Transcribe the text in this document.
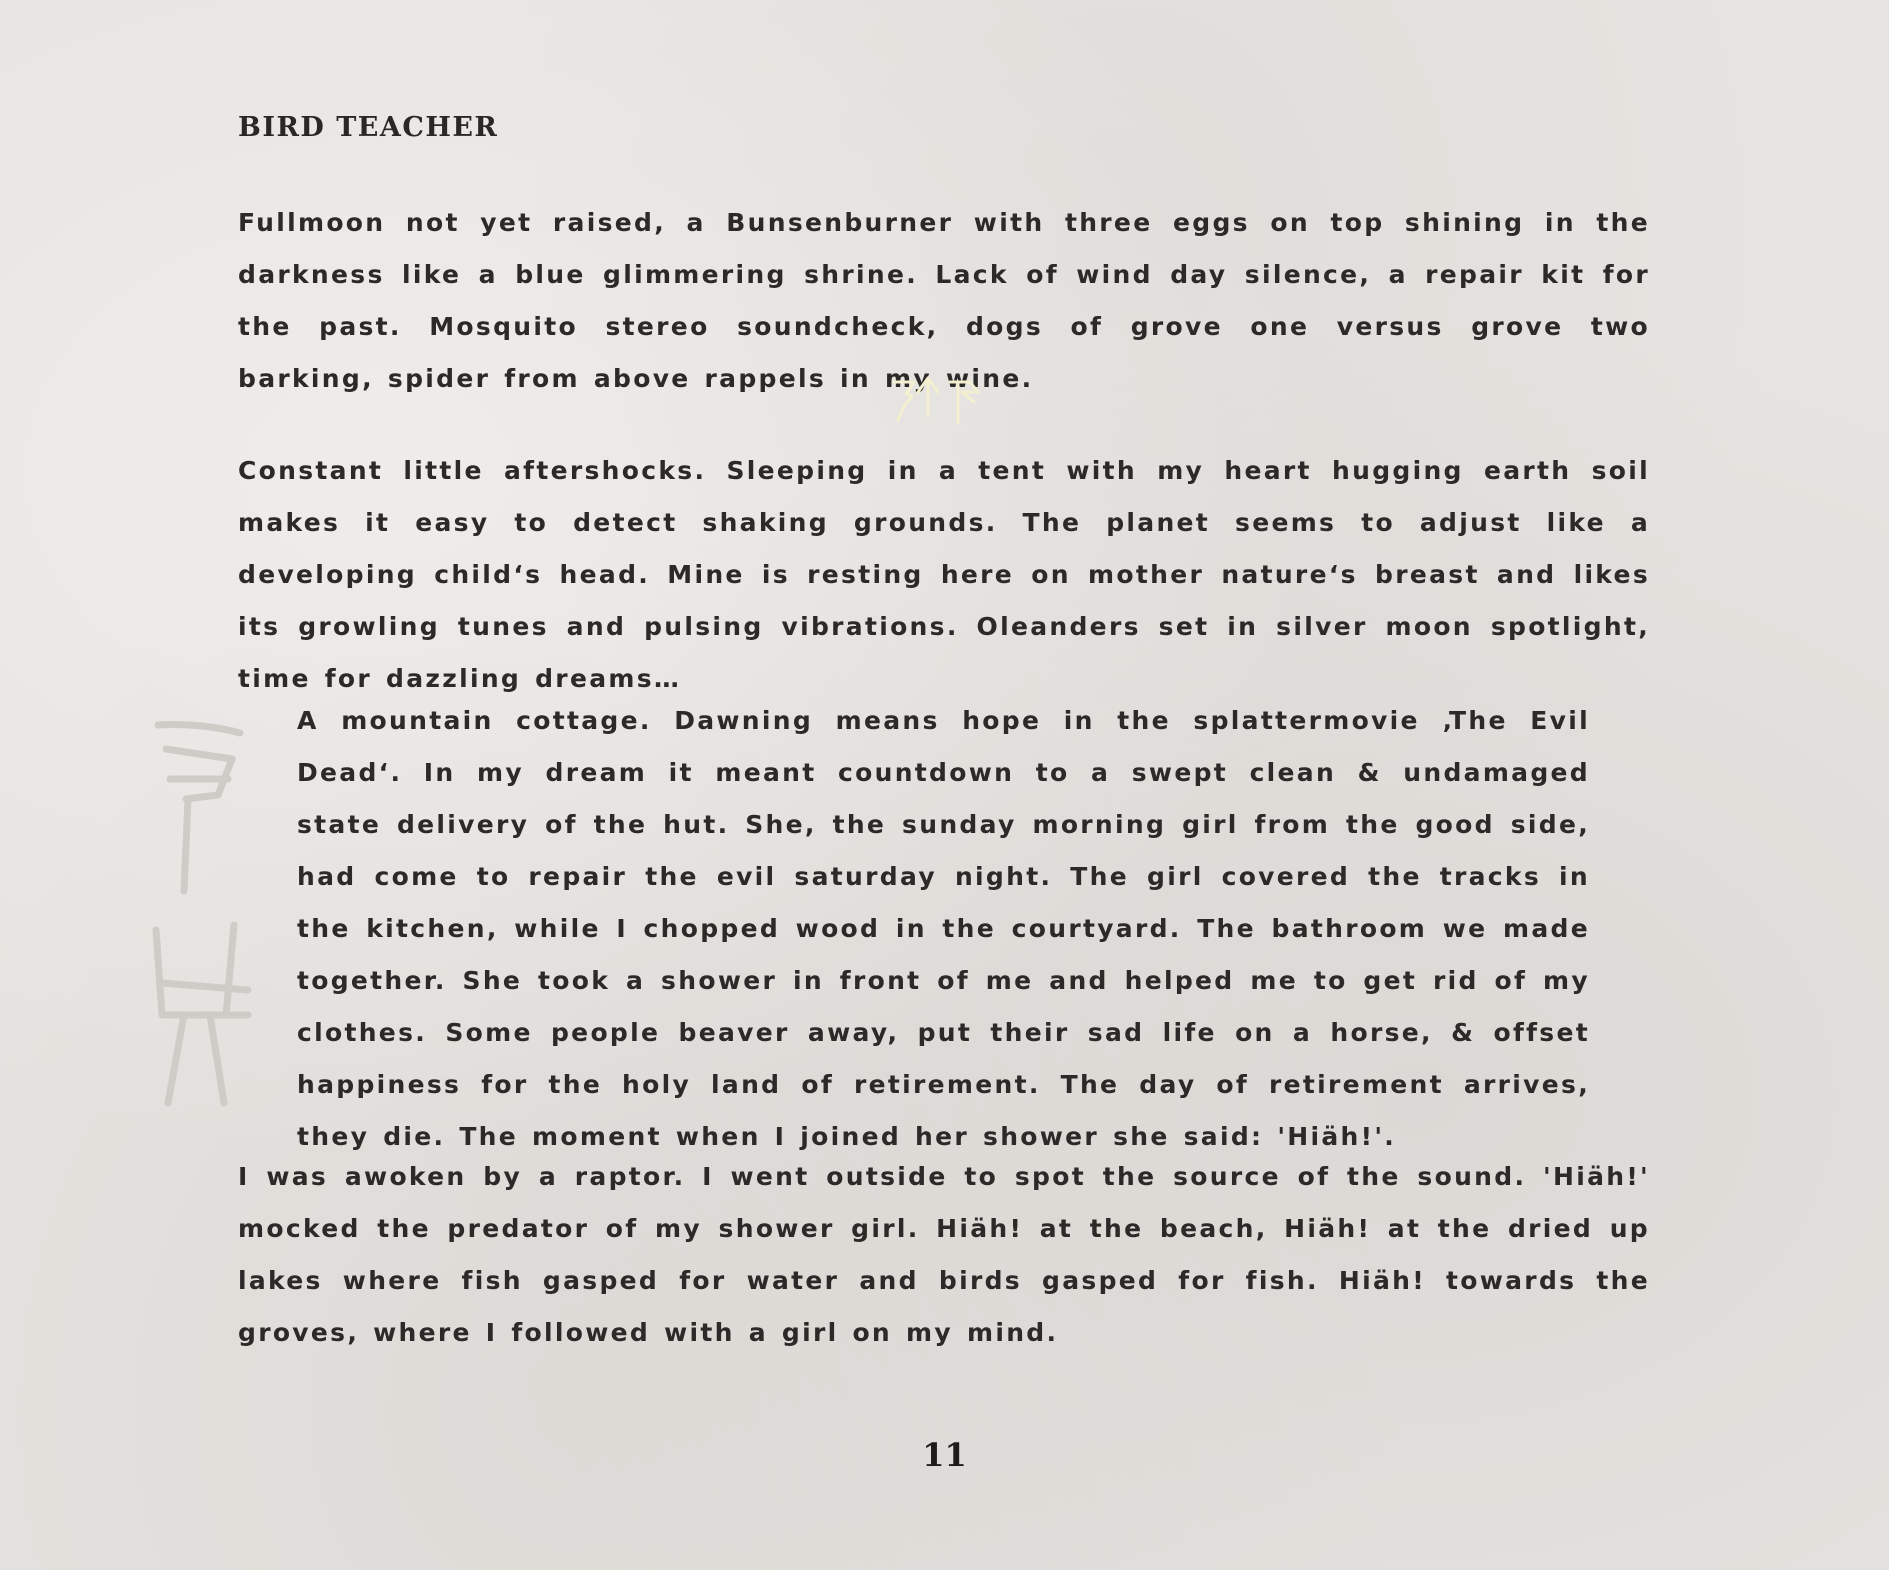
BIRD TEACHER
Fullmoon not yet raised, a Bunsenburner with three eggs on top shining in the darkness like a blue glimmering shrine. Lack of wind day silence, a repair kit for the past. Mosquito stereo soundcheck, dogs of grove one versus grove two barking, spider from above rappels in my wine.
Constant little aftershocks. Sleeping in a tent with my heart hugging earth soil makes it easy to detect shaking grounds. The planet seems to adjust like a developing child‘s head. Mine is resting here on mother nature‘s breast and likes its growling tunes and pulsing vibrations. Oleanders set in silver moon spotlight, time for dazzling dreams…
A mountain cottage. Dawning means hope in the splattermovie ‚The Evil Dead‘. In my dream it meant countdown to a swept clean & undamaged state delivery of the hut. She, the sunday morning girl from the good side, had come to repair the evil saturday night. The girl covered the tracks in the kitchen, while I chopped wood in the courtyard. The bathroom we made together. She took a shower in front of me and helped me to get rid of my clothes. Some people beaver away, put their sad life on a horse, & offset happiness for the holy land of retirement. The day of retirement arrives, they die. The moment when I joined her shower she said: 'Hiäh!'.
I was awoken by a raptor. I went outside to spot the source of the sound. 'Hiäh!' mocked the predator of my shower girl. Hiäh! at the beach, Hiäh! at the dried up lakes where fish gasped for water and birds gasped for fish. Hiäh! towards the groves, where I followed with a girl on my mind.
11
